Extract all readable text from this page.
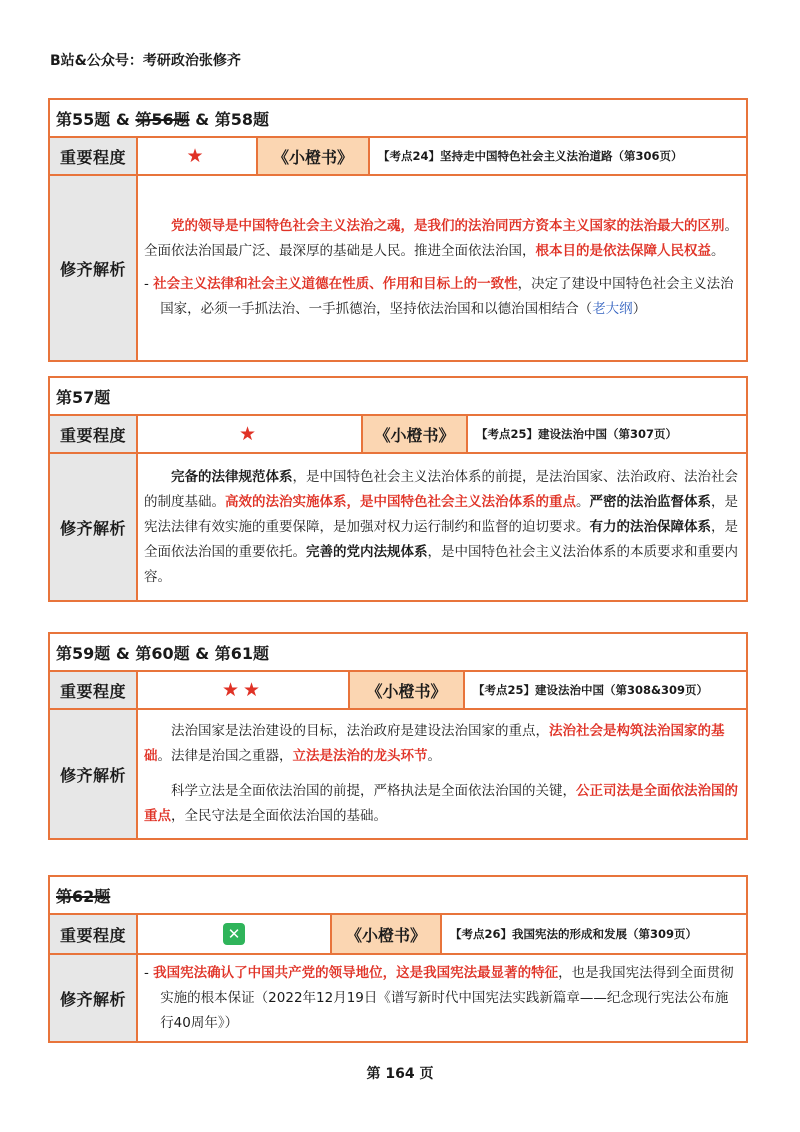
B站&公众号：考研政治张修齐
第55题 & 第56题 & 第58题			
重要程度	★	《小橙书》	【考点24】坚持走中国特色社会主义法治道路（第306页）
修齐解析	党的领导是中国特色社会主义法治之魂，是我们的法治同西方资本主义国家的法治最大的区别。全面依法治国最广泛、最深厚的基础是人民。推进全面依法治国，根本目的是依法保障人民权益。

- 社会主义法律和社会主义道德在性质、作用和目标上的一致性，决定了建设中国特色社会主义法治国家，必须一手抓法治、一手抓德治，坚持依法治国和以德治国相结合（老大纲）		

第57题			
重要程度	★	《小橙书》	【考点25】建设法治中国（第307页）
修齐解析	完备的法律规范体系，是中国特色社会主义法治体系的前提，是法治国家、法治政府、法治社会的制度基础。高效的法治实施体系，是中国特色社会主义法治体系的重点。严密的法治监督体系，是宪法法律有效实施的重要保障，是加强对权力运行制约和监督的迫切要求。有力的法治保障体系，是全面依法治国的重要依托。完善的党内法规体系，是中国特色社会主义法治体系的本质要求和重要内容。		

第59题 & 第60题 & 第61题			
重要程度	★★	《小橙书》	【考点25】建设法治中国（第308&309页）
修齐解析	法治国家是法治建设的目标，法治政府是建设法治国家的重点，法治社会是构筑法治国家的基础。法律是治国之重器，立法是法治的龙头环节。

科学立法是全面依法治国的前提，严格执法是全面依法治国的关键，公正司法是全面依法治国的重点，全民守法是全面依法治国的基础。		

第62题			
重要程度	✕	《小橙书》	【考点26】我国宪法的形成和发展（第309页）
修齐解析	- 我国宪法确认了中国共产党的领导地位，这是我国宪法最显著的特征，也是我国宪法得到全面贯彻实施的根本保证（2022年12月19日《谱写新时代中国宪法实践新篇章——纪念现行宪法公布施行40周年》）		

第 164 页
